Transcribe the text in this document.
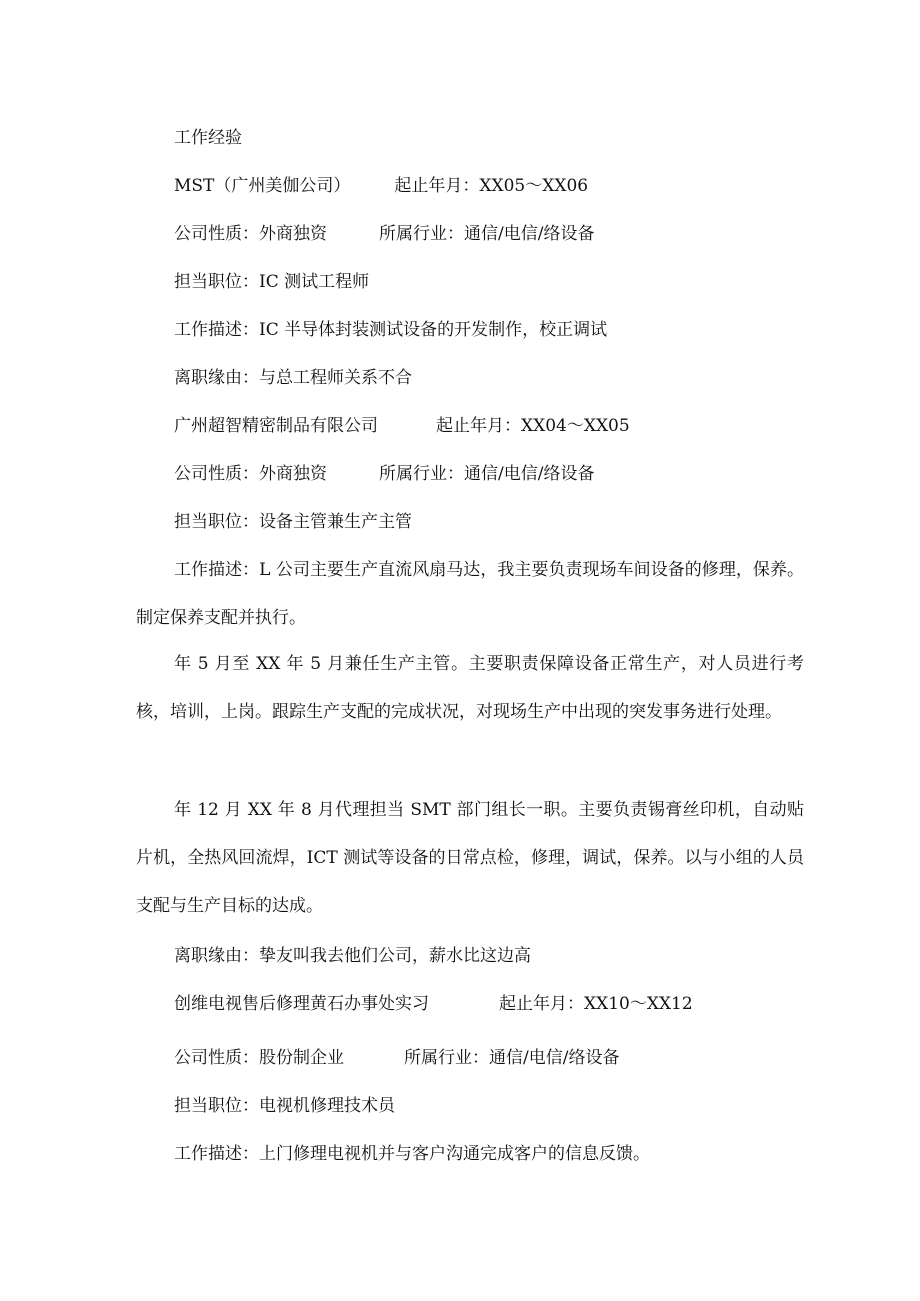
工作经验
MST（广州美伽公司）	起止年月：XX05～XX06
公司性质：外商独资	所属行业：通信/电信/络设备
担当职位：IC 测试工程师
工作描述：IC 半导体封装测试设备的开发制作，校正调试
离职缘由：与总工程师关系不合
广州超智精密制品有限公司	起止年月：XX04～XX05
公司性质：外商独资	所属行业：通信/电信/络设备
担当职位：设备主管兼生产主管
工作描述：L 公司主要生产直流风扇马达，我主要负责现场车间设备的修理，保养。制定保养支配并执行。
年 5 月至 XX 年 5 月兼任生产主管。主要职责保障设备正常生产，对人员进行考核，培训，上岗。跟踪生产支配的完成状况，对现场生产中出现的突发事务进行处理。
年 12 月 XX 年 8 月代理担当 SMT 部门组长一职。主要负责锡膏丝印机，自动贴片机，全热风回流焊，ICT 测试等设备的日常点检，修理，调试，保养。以与小组的人员支配与生产目标的达成。
离职缘由：挚友叫我去他们公司，薪水比这边高
创维电视售后修理黄石办事处实习	起止年月：XX10～XX12
公司性质：股份制企业	所属行业：通信/电信/络设备
担当职位：电视机修理技术员
工作描述：上门修理电视机并与客户沟通完成客户的信息反馈。
